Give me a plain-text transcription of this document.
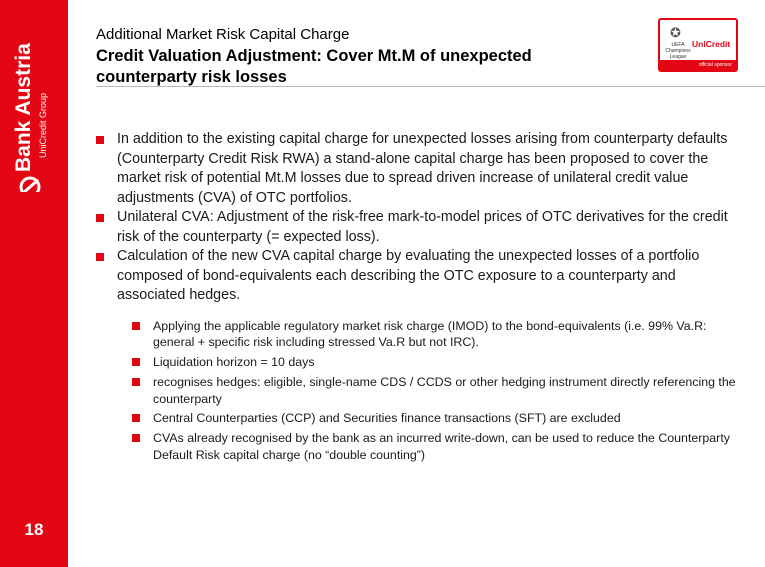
Bank Austria UniCredit Group
18
Additional Market Risk Capital Charge
Credit Valuation Adjustment: Cover Mt.M of unexpected counterparty risk losses
✪
UEFA Champions League
UniCredit
official sponsor
In addition to the existing capital charge for unexpected losses arising from counterparty defaults (Counterparty Credit Risk RWA) a stand-alone capital charge has been proposed to cover the market risk of potential Mt.M losses due to spread driven increase of unilateral credit value adjustments (CVA) of OTC portfolios.
Unilateral CVA: Adjustment of the risk-free mark-to-model prices of OTC derivatives for the credit risk of the counterparty (= expected loss).
Calculation of the new CVA capital charge by evaluating the unexpected losses of a portfolio composed of bond-equivalents each describing the OTC exposure to a counterparty and associated hedges.
Applying the applicable regulatory market risk charge (IMOD) to the bond-equivalents (i.e. 99% Va.R: general + specific risk including stressed Va.R but not IRC).
Liquidation horizon = 10 days
recognises hedges: eligible, single-name CDS / CCDS or other hedging instrument directly referencing the counterparty
Central Counterparties (CCP) and Securities finance transactions (SFT) are excluded
CVAs already recognised by the bank as an incurred write-down, can be used to reduce the Counterparty Default Risk capital charge (no “double counting”)
